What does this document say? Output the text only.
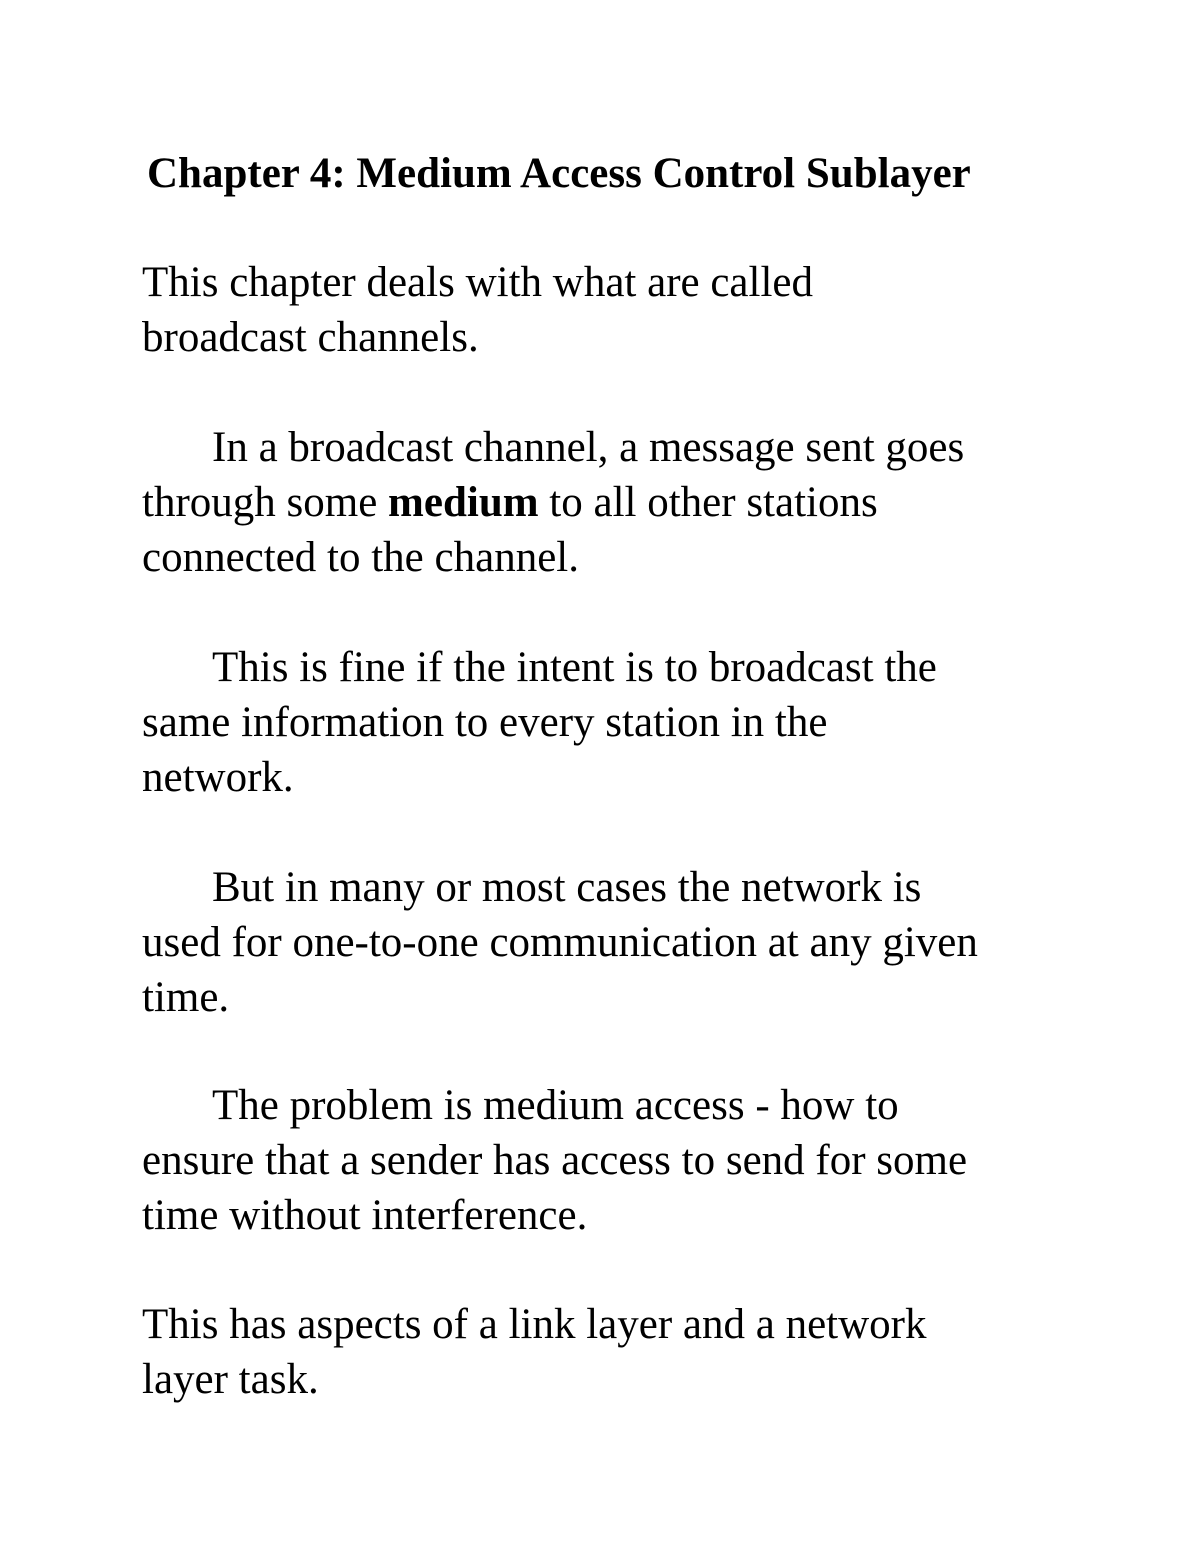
Chapter 4: Medium Access Control Sublayer

This chapter deals with what are called
broadcast channels.

In a broadcast channel, a message sent goes
through some medium to all other stations
connected to the channel.

This is fine if the intent is to broadcast the
same information to every station in the
network.

But in many or most cases the network is
used for one-to-one communication at any given
time.

The problem is medium access - how to
ensure that a sender has access to send for some
time without interference.

This has aspects of a link layer and a network
layer task.
